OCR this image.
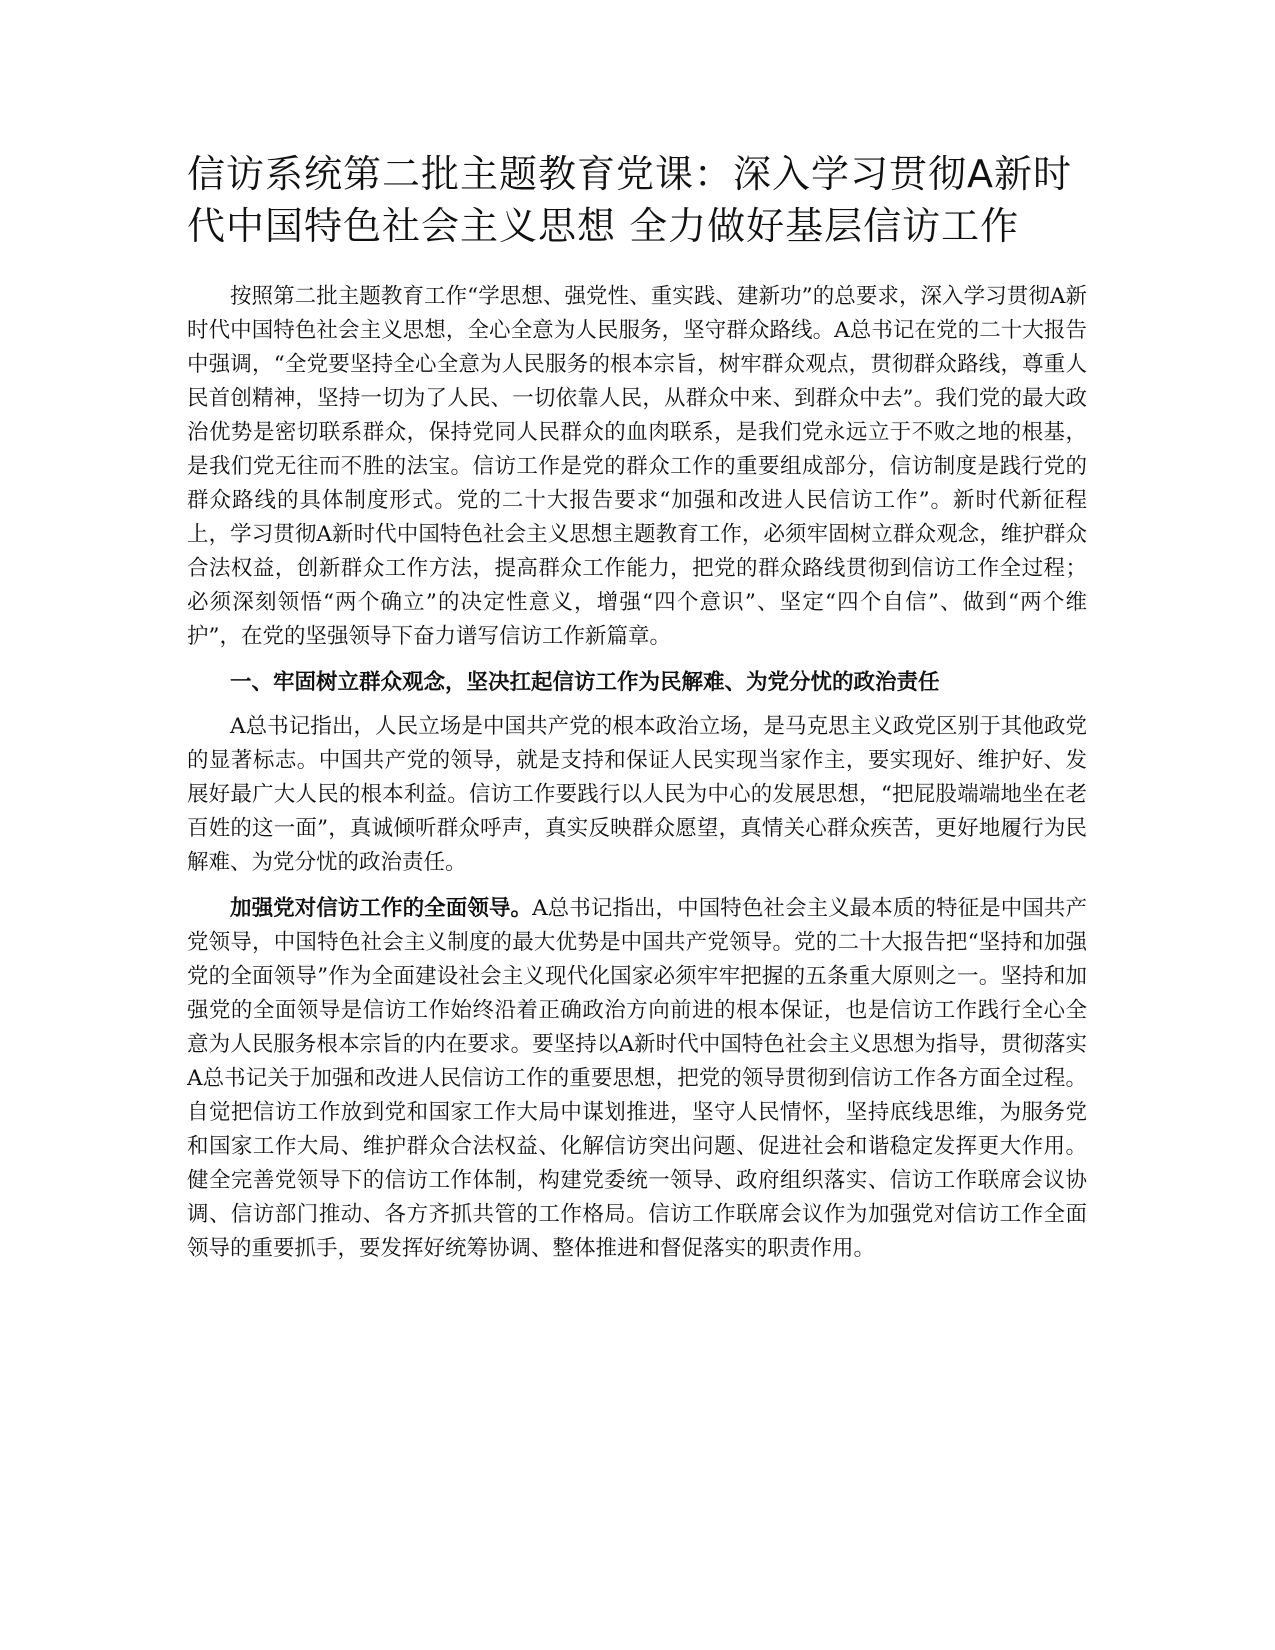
信访系统第二批主题教育党课：深入学习贯彻A新时代中国特色社会主义思想 全力做好基层信访工作

按照第二批主题教育工作“学思想、强党性、重实践、建新功”的总要求，深入学习贯彻A新时代中国特色社会主义思想，全心全意为人民服务，坚守群众路线。A总书记在党的二十大报告中强调，“全党要坚持全心全意为人民服务的根本宗旨，树牢群众观点，贯彻群众路线，尊重人民首创精神，坚持一切为了人民、一切依靠人民，从群众中来、到群众中去”。我们党的最大政治优势是密切联系群众，保持党同人民群众的血肉联系，是我们党永远立于不败之地的根基，是我们党无往而不胜的法宝。信访工作是党的群众工作的重要组成部分，信访制度是践行党的群众路线的具体制度形式。党的二十大报告要求“加强和改进人民信访工作”。新时代新征程上，学习贯彻A新时代中国特色社会主义思想主题教育工作，必须牢固树立群众观念，维护群众合法权益，创新群众工作方法，提高群众工作能力，把党的群众路线贯彻到信访工作全过程；必须深刻领悟“两个确立”的决定性意义，增强“四个意识”、坚定“四个自信”、做到“两个维护”，在党的坚强领导下奋力谱写信访工作新篇章。

一、牢固树立群众观念，坚决扛起信访工作为民解难、为党分忧的政治责任

A总书记指出，人民立场是中国共产党的根本政治立场，是马克思主义政党区别于其他政党的显著标志。中国共产党的领导，就是支持和保证人民实现当家作主，要实现好、维护好、发展好最广大人民的根本利益。信访工作要践行以人民为中心的发展思想，“把屁股端端地坐在老百姓的这一面”，真诚倾听群众呼声，真实反映群众愿望，真情关心群众疾苦，更好地履行为民解难、为党分忧的政治责任。

加强党对信访工作的全面领导。A总书记指出，中国特色社会主义最本质的特征是中国共产党领导，中国特色社会主义制度的最大优势是中国共产党领导。党的二十大报告把“坚持和加强党的全面领导”作为全面建设社会主义现代化国家必须牢牢把握的五条重大原则之一。坚持和加强党的全面领导是信访工作始终沿着正确政治方向前进的根本保证，也是信访工作践行全心全意为人民服务根本宗旨的内在要求。要坚持以A新时代中国特色社会主义思想为指导，贯彻落实A总书记关于加强和改进人民信访工作的重要思想，把党的领导贯彻到信访工作各方面全过程。自觉把信访工作放到党和国家工作大局中谋划推进，坚守人民情怀，坚持底线思维，为服务党和国家工作大局、维护群众合法权益、化解信访突出问题、促进社会和谐稳定发挥更大作用。健全完善党领导下的信访工作体制，构建党委统一领导、政府组织落实、信访工作联席会议协调、信访部门推动、各方齐抓共管的工作格局。信访工作联席会议作为加强党对信访工作全面领导的重要抓手，要发挥好统筹协调、整体推进和督促落实的职责作用。
